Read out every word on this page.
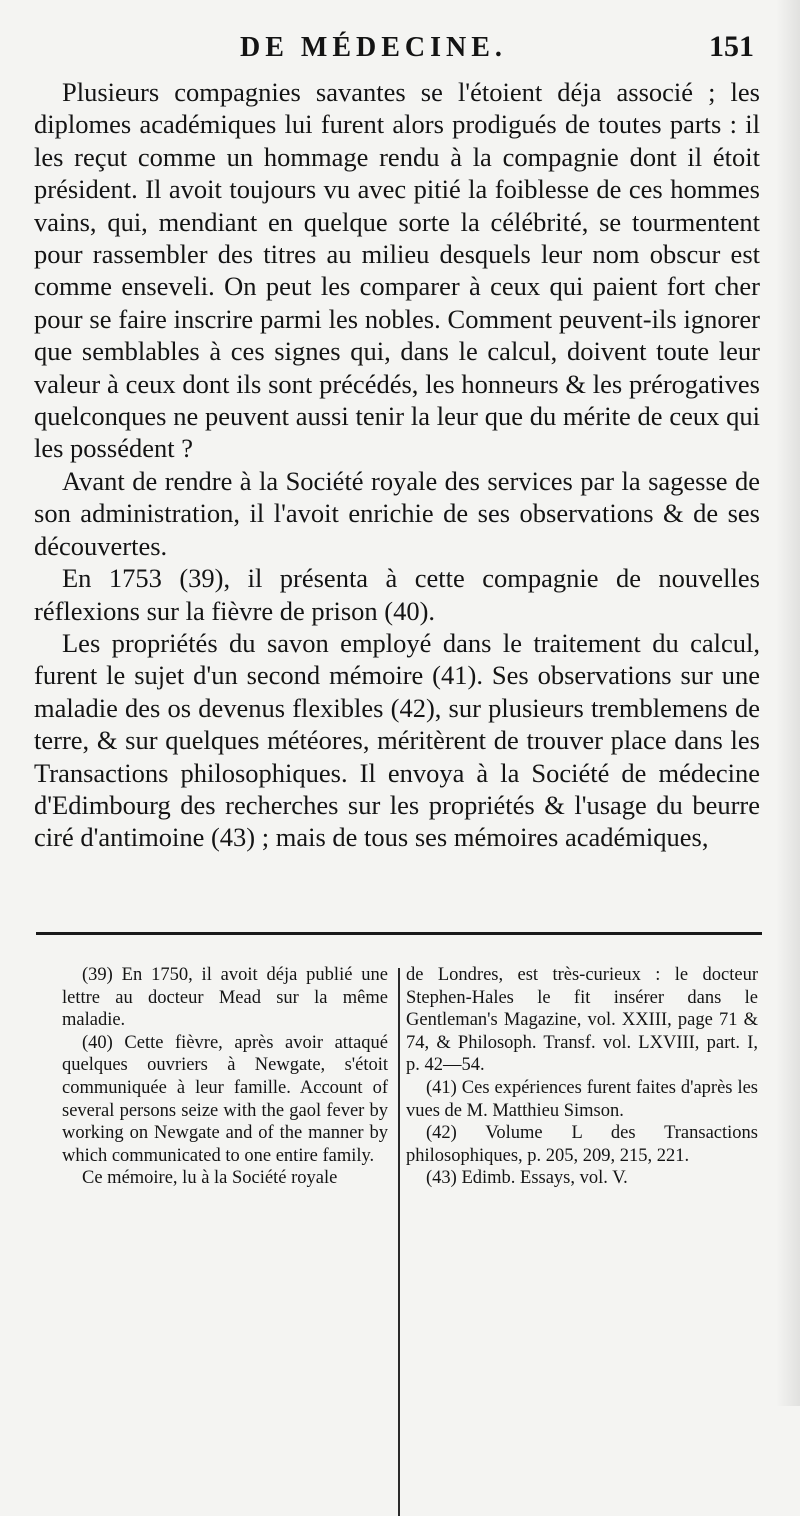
DE MÉDECINE.	151

Plusieurs compagnies savantes se l'étoient déja associé ; les diplomes académiques lui furent alors prodigués de toutes parts : il les reçut comme un hommage rendu à la compagnie dont il étoit président. Il avoit toujours vu avec pitié la foiblesse de ces hommes vains, qui, mendiant en quelque sorte la célébrité, se tourmentent pour rassembler des titres au milieu desquels leur nom obscur est comme enseveli. On peut les comparer à ceux qui paient fort cher pour se faire inscrire parmi les nobles. Comment peuvent-ils ignorer que semblables à ces signes qui, dans le calcul, doivent toute leur valeur à ceux dont ils sont précédés, les honneurs & les prérogatives quelconques ne peuvent aussi tenir la leur que du mérite de ceux qui les possédent ?

Avant de rendre à la Société royale des services par la sagesse de son administration, il l'avoit enrichie de ses observations & de ses découvertes.

En 1753 (39), il présenta à cette compagnie de nouvelles réflexions sur la fièvre de prison (40).

Les propriétés du savon employé dans le traitement du calcul, furent le sujet d'un second mémoire (41). Ses observations sur une maladie des os devenus flexibles (42), sur plusieurs tremblemens de terre, & sur quelques météores, méritèrent de trouver place dans les Transactions philosophiques. Il envoya à la Société de médecine d'Edimbourg des recherches sur les propriétés & l'usage du beurre ciré d'antimoine (43) ; mais de tous ses mémoires académiques,

(39) En 1750, il avoit déja publié une lettre au docteur Mead sur la même maladie.

(40) Cette fièvre, après avoir attaqué quelques ouvriers à Newgate, s'étoit communiquée à leur famille. Account of several persons seize with the gaol fever by working on Newgate and of the manner by which communicated to one entire family.

Ce mémoire, lu à la Société royale

de Londres, est très-curieux : le docteur Stephen-Hales le fit insérer dans le Gentleman's Magazine, vol. XXIII, page 71 & 74, & Philosoph. Transf. vol. LXVIII, part. I, p. 42—54.

(41) Ces expériences furent faites d'après les vues de M. Matthieu Simson.

(42) Volume L des Transactions philosophiques, p. 205, 209, 215, 221.

(43) Edimb. Essays, vol. V.
